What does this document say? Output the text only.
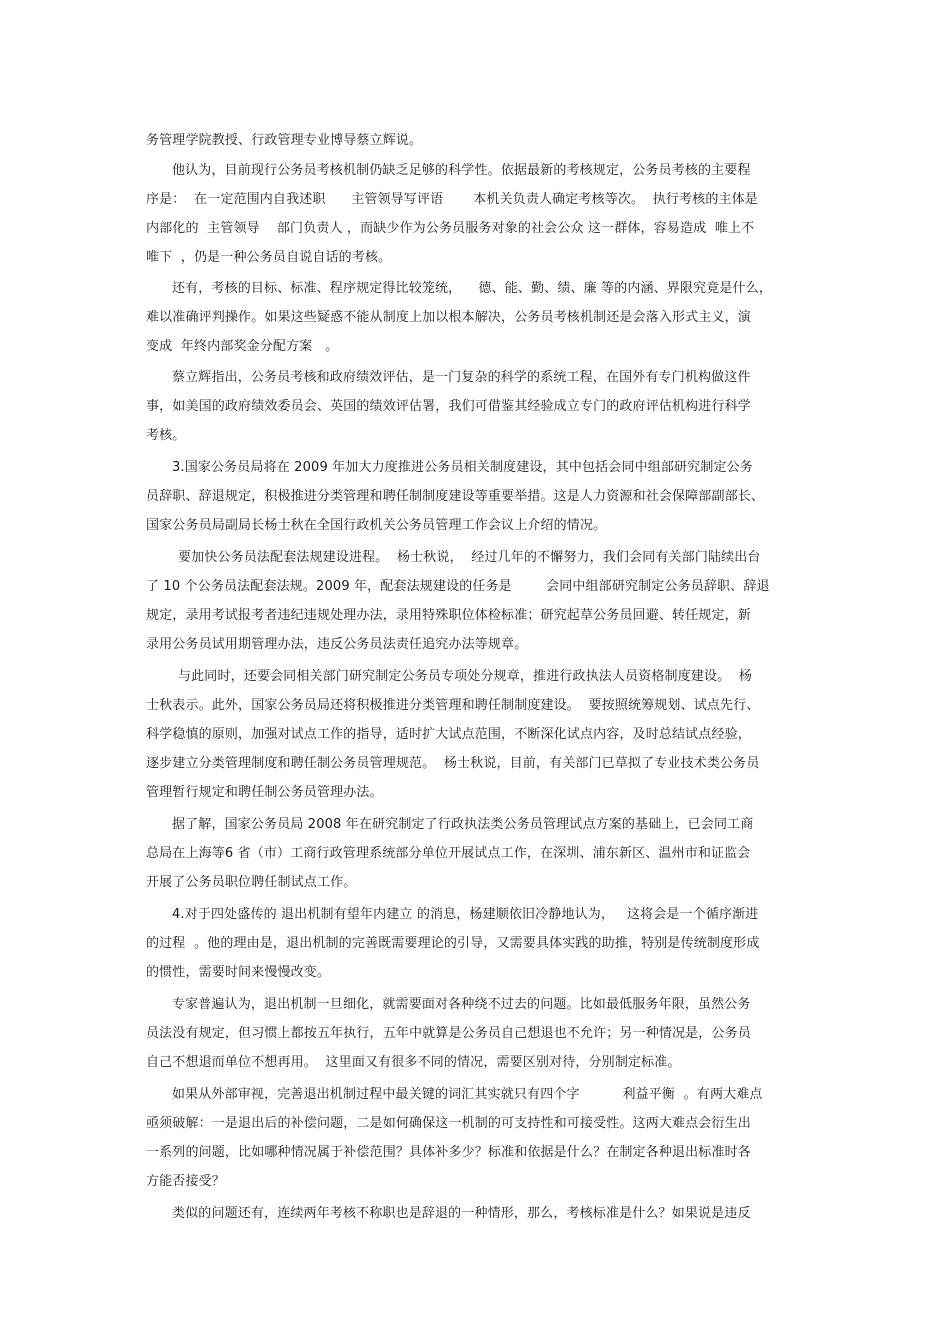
务管理学院教授、行政管理专业博导蔡立辉说。
他认为，目前现行公务员考核机制仍缺乏足够的科学性。依据最新的考核规定，公务员考核的主要程
序是：  在一定范围内自我述职      主管领导写评语       本机关负责人确定考核等次。  执行考核的主体是
内部化的  主管领导    部门负责人 ，而缺少作为公务员服务对象的社会公众 这一群体，容易造成  唯上不
唯下  ，仍是一种公务员自说自话的考核。
还有，考核的目标、标准、程序规定得比较笼统，    德、能、勤、绩、廉 等的内涵、界限究竟是什么，
难以准确评判操作。如果这些疑惑不能从制度上加以根本解决，公务员考核机制还是会落入形式主义，演
变成  年终内部奖金分配方案   。
蔡立辉指出，公务员考核和政府绩效评估，是一门复杂的科学的系统工程，在国外有专门机构做这件
事，如美国的政府绩效委员会、英国的绩效评估署，我们可借鉴其经验成立专门的政府评估机构进行科学
考核。
3.国家公务员局将在 2009 年加大力度推进公务员相关制度建设，其中包括会同中组部研究制定公务
员辞职、辞退规定，积极推进分类管理和聘任制制度建设等重要举措。这是人力资源和社会保障部副部长、
国家公务员局副局长杨士秋在全国行政机关公务员管理工作会议上介绍的情况。
要加快公务员法配套法规建设进程。  杨士秋说，  经过几年的不懈努力，我们会同有关部门陆续出台
了 10 个公务员法配套法规。2009 年，配套法规建设的任务是        会同中组部研究制定公务员辞职、辞退
规定，录用考试报考者违纪违规处理办法，录用特殊职位体检标准；研究起草公务员回避、转任规定，新
录用公务员试用期管理办法，违反公务员法责任追究办法等规章。
与此同时，还要会同相关部门研究制定公务员专项处分规章，推进行政执法人员资格制度建设。  杨
士秋表示。此外，国家公务员局还将积极推进分类管理和聘任制制度建设。  要按照统筹规划、试点先行、
科学稳慎的原则，加强对试点工作的指导，适时扩大试点范围，不断深化试点内容，及时总结试点经验，
逐步建立分类管理制度和聘任制公务员管理规范。  杨士秋说，目前，有关部门已草拟了专业技术类公务员
管理暂行规定和聘任制公务员管理办法。
据了解，国家公务员局 2008 年在研究制定了行政执法类公务员管理试点方案的基础上，已会同工商
总局在上海等6 省（市）工商行政管理系统部分单位开展试点工作，在深圳、浦东新区、温州市和证监会
开展了公务员职位聘任制试点工作。
4.对于四处盛传的 退出机制有望年内建立 的消息，杨建顺依旧冷静地认为，   这将会是一个循序渐进
的过程  。他的理由是，退出机制的完善既需要理论的引导，又需要具体实践的助推，特别是传统制度形成
的惯性，需要时间来慢慢改变。
专家普遍认为，退出机制一旦细化，就需要面对各种绕不过去的问题。比如最低服务年限，虽然公务
员法没有规定，但习惯上都按五年执行，五年中就算是公务员自己想退也不允许；另一种情况是，公务员
自己不想退而单位不想再用。  这里面又有很多不同的情况，需要区别对待，分别制定标准。
如果从外部审视，完善退出机制过程中最关键的词汇其实就只有四个字          利益平衡  。有两大难点
亟须破解：一是退出后的补偿问题，二是如何确保这一机制的可支持性和可接受性。这两大难点会衍生出
一系列的问题，比如哪种情况属于补偿范围？具体补多少？标准和依据是什么？在制定各种退出标准时各
方能否接受？
类似的问题还有，连续两年考核不称职也是辞退的一种情形，那么，考核标准是什么？如果说是违反
